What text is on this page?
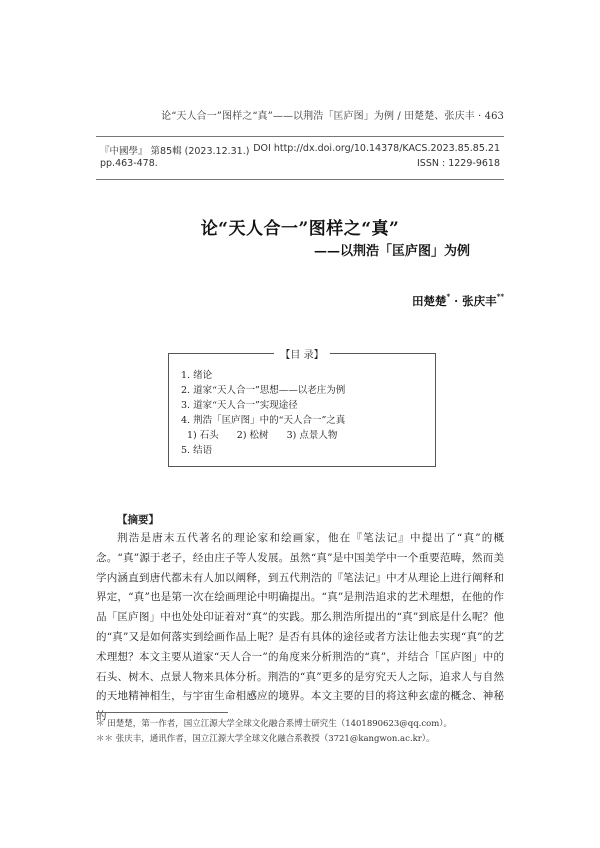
论“天人合一”图样之“真”——以荆浩「匡庐图」为例 / 田楚楚、张庆丰 · 463
『中國學』 第85輯 (2023.12.31.) DOI http://dx.doi.org/10.14378/KACS.2023.85.85.21
pp.463-478.	ISSN : 1229-9618
论“天人合一”图样之“真”
——以荆浩「匡庐图」为例
田楚楚* · 张庆丰**
【目 录】
1. 绪论
2. 道家“天人合一”思想——以老庄为例
3. 道家“天人合一”实现途径
4. 荆浩「匡庐图」中的“天人合一”之真
1) 石头 2) 松树 3) 点景人物
5. 结语
【摘要】
荆浩是唐末五代著名的理论家和绘画家，他在『笔法记』中提出了“真”的概念。“真”源于老子，经由庄子等人发展。虽然“真”是中国美学中一个重要范畴，然而美学内涵直到唐代都未有人加以阐释，到五代荆浩的『笔法记』中才从理论上进行阐释和界定，“真”也是第一次在绘画理论中明确提出。“真”是荆浩追求的艺术理想，在他的作品「匡庐图」中也处处印证着对“真”的实践。那么荆浩所提出的“真”到底是什么呢？他的“真”又是如何落实到绘画作品上呢？是否有具体的途径或者方法让他去实现“真”的艺术理想？本文主要从道家“天人合一”的角度来分析荆浩的“真”，并结合「匡庐图」中的石头、树木、点景人物来具体分析。荆浩的“真”更多的是穷究天人之际，追求人与自然的天地精神相生，与宇宙生命相感应的境界。本文主要的目的将这种玄虚的概念、神秘的
＊ 田楚楚，第一作者，国立江源大学全球文化融合系博士研究生（14018906​23@qq.com）。
＊＊ 张庆丰，通讯作者，国立江源大学全球文化融合系教授（3721@kangwon.ac.kr）。
